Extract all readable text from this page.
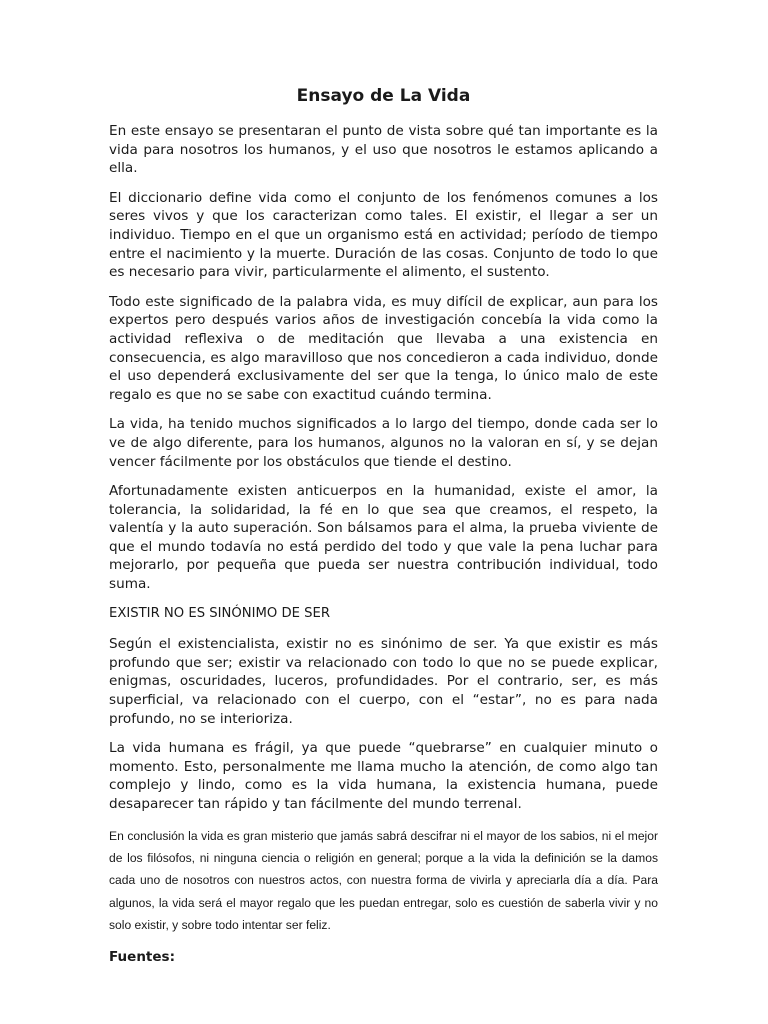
Ensayo de La Vida

En este ensayo se presentaran el punto de vista sobre qué tan importante es la vida para nosotros los humanos, y el uso que nosotros le estamos aplicando a ella.

El diccionario define vida como el conjunto de los fenómenos comunes a los seres vivos y que los caracterizan como tales. El existir, el llegar a ser un individuo. Tiempo en el que un organismo está en actividad; período de tiempo entre el nacimiento y la muerte. Duración de las cosas. Conjunto de todo lo que es necesario para vivir, particularmente el alimento, el sustento.

Todo este significado de la palabra vida, es muy difícil de explicar, aun para los expertos pero después varios años de investigación concebía la vida como la actividad reflexiva o de meditación que llevaba a una existencia en consecuencia, es algo maravilloso que nos concedieron a cada individuo, donde el uso dependerá exclusivamente del ser que la tenga, lo único malo de este regalo es que no se sabe con exactitud cuándo termina.

La vida, ha tenido muchos significados a lo largo del tiempo, donde cada ser lo ve de algo diferente, para los humanos, algunos no la valoran en sí, y se dejan vencer fácilmente por los obstáculos que tiende el destino.

Afortunadamente existen anticuerpos en la humanidad, existe el amor, la tolerancia, la solidaridad, la fé en lo que sea que creamos, el respeto, la valentía y la auto superación. Son bálsamos para el alma, la prueba viviente de que el mundo todavía no está perdido del todo y que vale la pena luchar para mejorarlo, por pequeña que pueda ser nuestra contribución individual, todo suma.

EXISTIR NO ES SINÓNIMO DE SER

Según el existencialista, existir no es sinónimo de ser. Ya que existir es más profundo que ser; existir va relacionado con todo lo que no se puede explicar, enigmas, oscuridades, luceros, profundidades. Por el contrario, ser, es más superficial, va relacionado con el cuerpo, con el “estar”, no es para nada profundo, no se interioriza.

La vida humana es frágil, ya que puede “quebrarse” en cualquier minuto o momento. Esto, personalmente me llama mucho la atención, de como algo tan complejo y lindo, como es la vida humana, la existencia humana, puede desaparecer tan rápido y tan fácilmente del mundo terrenal.

En conclusión la vida es gran misterio que jamás sabrá descifrar ni el mayor de los sabios, ni el mejor de los filósofos, ni ninguna ciencia o religión en general; porque a la vida la definición se la damos cada uno de nosotros con nuestros actos, con nuestra forma de vivirla y apreciarla día a día. Para algunos, la vida será el mayor regalo que les puedan entregar, solo es cuestión de saberla vivir y no solo existir, y sobre todo intentar ser feliz.

Fuentes:
